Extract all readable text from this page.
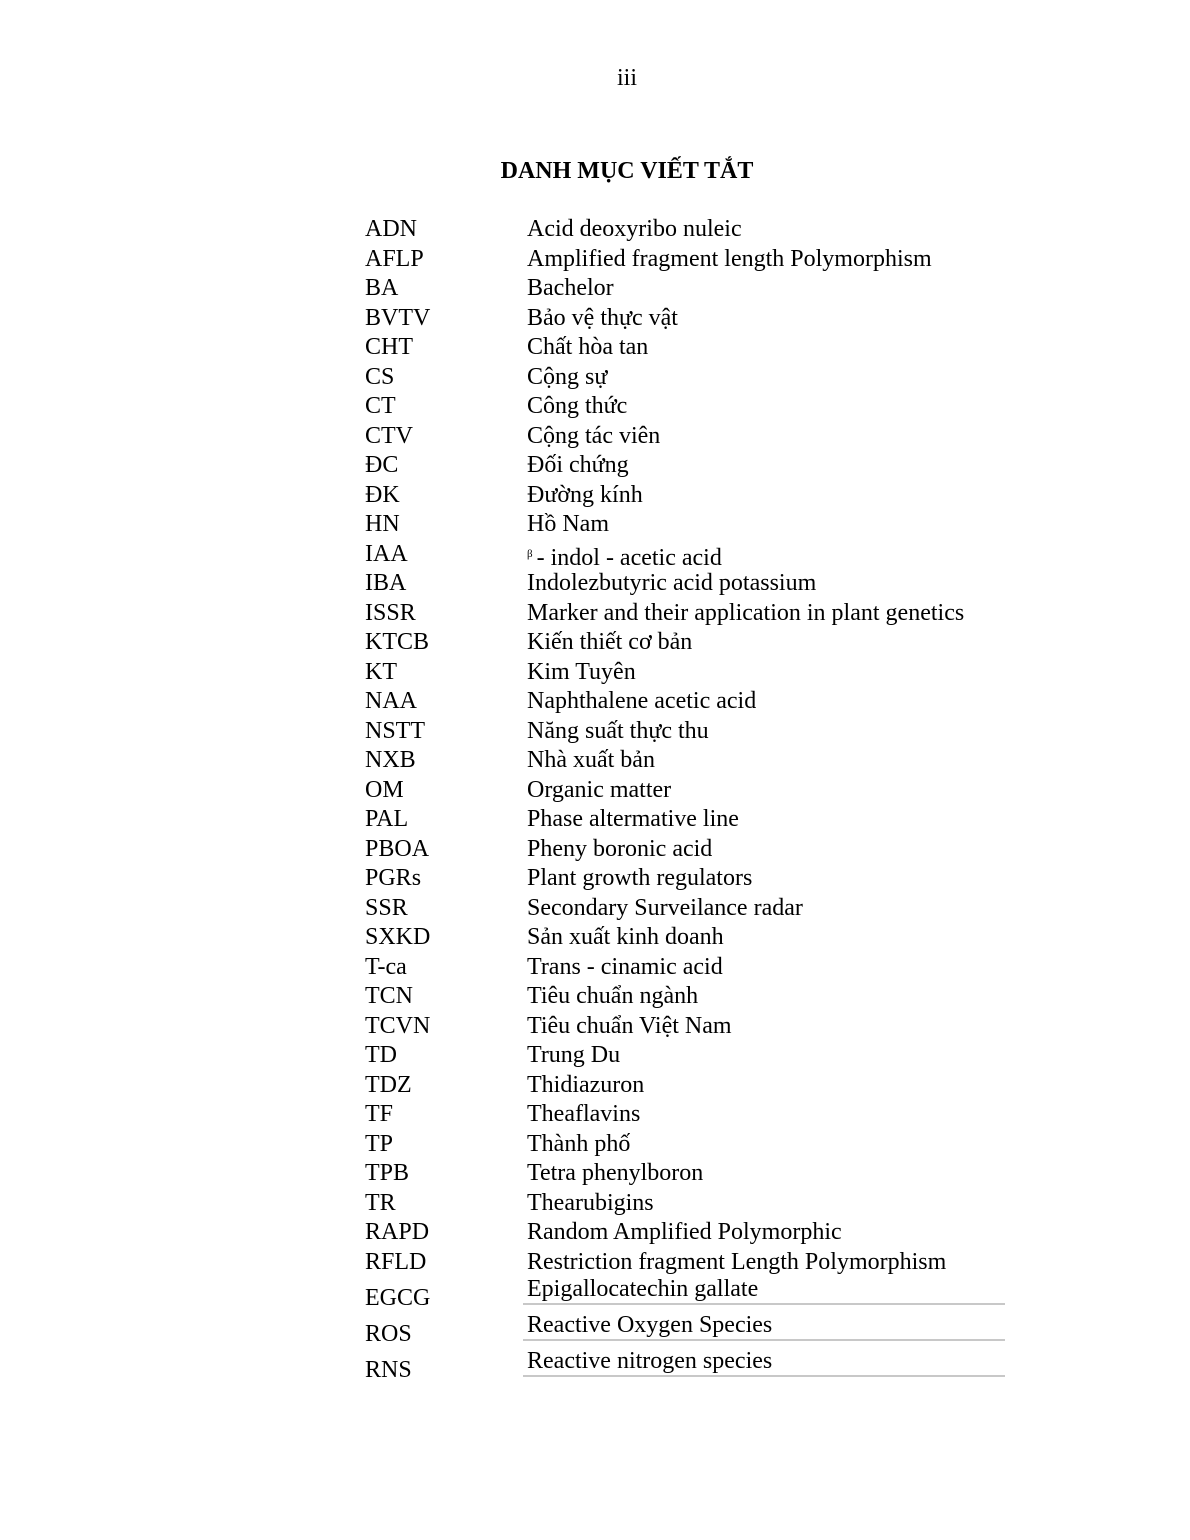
iii
DANH MỤC VIẾT TẮT
ADN	Acid deoxyribo nuleic
AFLP	Amplified fragment length Polymorphism
BA	Bachelor
BVTV	Bảo vệ thực vật
CHT	Chất hòa tan
CS	Cộng sự
CT	Công thức
CTV	Cộng tác viên
ĐC	Đối chứng
ĐK	Đường kính
HN	Hồ Nam
IAA	$^\beta$ - indol - acetic acid
IBA	Indolezbutyric acid potassium
ISSR	Marker and their application in plant genetics
KTCB	Kiến thiết cơ bản
KT	Kim Tuyên
NAA	Naphthalene acetic acid
NSTT	Năng suất thực thu
NXB	Nhà xuất bản
OM	Organic matter
PAL	Phase altermative line
PBOA	Pheny boronic acid
PGRs	Plant growth regulators
SSR	Secondary Surveilance radar
SXKD	Sản xuất kinh doanh
T-ca	Trans - cinamic acid
TCN	Tiêu chuẩn ngành
TCVN	Tiêu chuẩn Việt Nam
TD	Trung Du
TDZ	Thidiazuron
TF	Theaflavins
TP	Thành phố
TPB	Tetra phenylboron
TR	Thearubigins
RAPD	Random Amplified Polymorphic
RFLD	Restriction fragment Length Polymorphism
EGCG	Epigallocatechin gallate
ROS	Reactive Oxygen Species
RNS	Reactive nitrogen species
